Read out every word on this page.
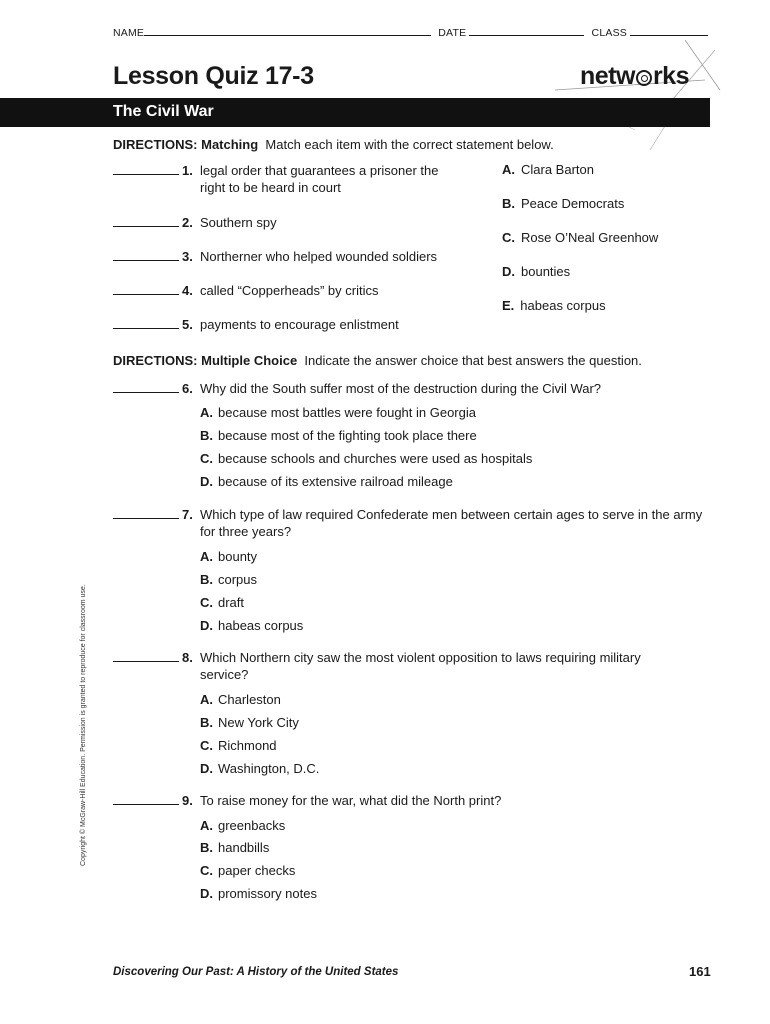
NAME	DATE	CLASS
Lesson Quiz 17-3	netw rks
The Civil War
DIRECTIONS: Matching Match each item with the correct statement below.
1. legal order that guarantees a prisoner the
right to be heard in court
2. Southern spy
3. Northerner who helped wounded soldiers
4. called “Copperheads” by critics
5. payments to encourage enlistment
A. Clara Barton
B. Peace Democrats
C. Rose O’Neal Greenhow
D. bounties
E. habeas corpus
DIRECTIONS: Multiple Choice Indicate the answer choice that best answers the question.
6. Why did the South suffer most of the destruction during the Civil War?
A. because most battles were fought in Georgia
B. because most of the fighting took place there
C. because schools and churches were used as hospitals
D. because of its extensive railroad mileage
7. Which type of law required Confederate men between certain ages to serve in the army for three years?
A. bounty
B. corpus
C. draft
D. habeas corpus
8. Which Northern city saw the most violent opposition to laws requiring military service?
A. Charleston
B. New York City
C. Richmond
D. Washington, D.C.
9. To raise money for the war, what did the North print?
A. greenbacks
B. handbills
C. paper checks
D. promissory notes
Copyright © McGraw-Hill Education. Permission is granted to reproduce for classroom use.
Discovering Our Past: A History of the United States	161
